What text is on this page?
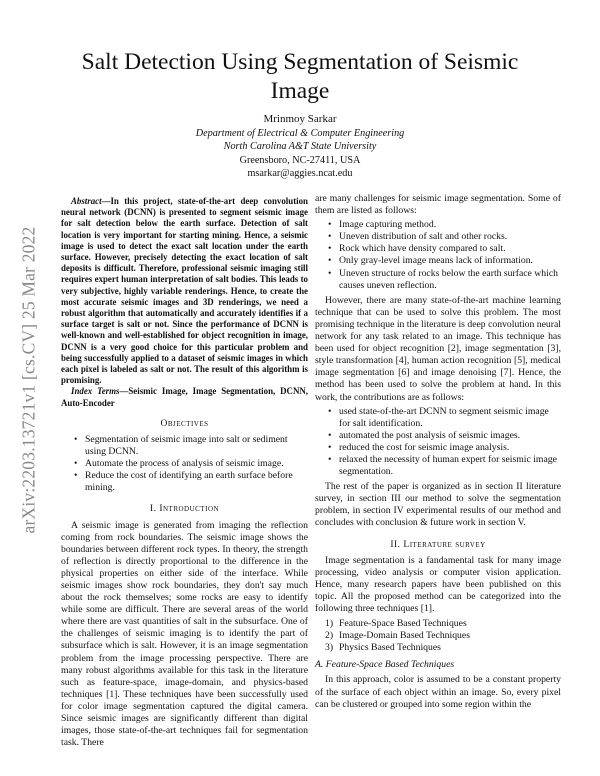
arXiv:2203.13721v1 [cs.CV] 25 Mar 2022
Salt Detection Using Segmentation of Seismic Image
Mrinmoy Sarkar
Department of Electrical & Computer Engineering
North Carolina A&T State University
Greensboro, NC-27411, USA
msarkar@aggies.ncat.edu

Abstract—In this project, state-of-the-art deep convolution neural network (DCNN) is presented to segment seismic image for salt detection below the earth surface. Detection of salt location is very important for starting mining. Hence, a seismic image is used to detect the exact salt location under the earth surface. However, precisely detecting the exact location of salt deposits is difficult. Therefore, professional seismic imaging still requires expert human interpretation of salt bodies. This leads to very subjective, highly variable renderings. Hence, to create the most accurate seismic images and 3D renderings, we need a robust algorithm that automatically and accurately identifies if a surface target is salt or not. Since the performance of DCNN is well-known and well-established for object recognition in image, DCNN is a very good choice for this particular problem and being successfully applied to a dataset of seismic images in which each pixel is labeled as salt or not. The result of this algorithm is promising.

Index Terms—Seismic Image, Image Segmentation, DCNN, Auto-Encoder

Objectives
• Segmentation of seismic image into salt or sediment using DCNN.
• Automate the process of analysis of seismic image.
• Reduce the cost of identifying an earth surface before mining.
I. Introduction

A seismic image is generated from imaging the reflection coming from rock boundaries. The seismic image shows the boundaries between different rock types. In theory, the strength of reflection is directly proportional to the difference in the physical properties on either side of the interface. While seismic images show rock boundaries, they don't say much about the rock themselves; some rocks are easy to identify while some are difficult. There are several areas of the world where there are vast quantities of salt in the subsurface. One of the challenges of seismic imaging is to identify the part of subsurface which is salt. However, it is an image segmentation problem from the image processing perspective. There are many robust algorithms available for this task in the literature such as feature-space, image-domain, and physics-based techniques [1]. These techniques have been successfully used for color image segmentation captured the digital camera. Since seismic images are significantly different than digital images, those state-of-the-art techniques fail for segmentation task. There

are many challenges for seismic image segmentation. Some of them are listed as follows:

• Image capturing method.
• Uneven distribution of salt and other rocks.
• Rock which have density compared to salt.
• Only gray-level image means lack of information.
• Uneven structure of rocks below the earth surface which causes uneven reflection.

However, there are many state-of-the-art machine learning technique that can be used to solve this problem. The most promising technique in the literature is deep convolution neural network for any task related to an image. This technique has been used for object recognition [2], image segmentation [3], style transformation [4], human action recognition [5], medical image segmentation [6] and image denoising [7]. Hence, the method has been used to solve the problem at hand. In this work, the contributions are as follows:

• used state-of-the-art DCNN to segment seismic image for salt identification.
• automated the post analysis of seismic images.
• reduced the cost for seismic image analysis.
• relaxed the necessity of human expert for seismic image segmentation.

The rest of the paper is organized as in section II literature survey, in section III our method to solve the segmentation problem, in section IV experimental results of our method and concludes with conclusion & future work in section V.

II. Literature survey

Image segmentation is a fandamental task for many image processing, video analysis or computer vision application. Hence, many research papers have been published on this topic. All the proposed method can be categorized into the following three techniques [1].

1) Feature-Space Based Techniques
2) Image-Domain Based Techniques
3) Physics Based Techniques
A. Feature-Space Based Techniques

In this approach, color is assumed to be a constant property of the surface of each object within an image. So, every pixel can be clustered or grouped into some region within the
